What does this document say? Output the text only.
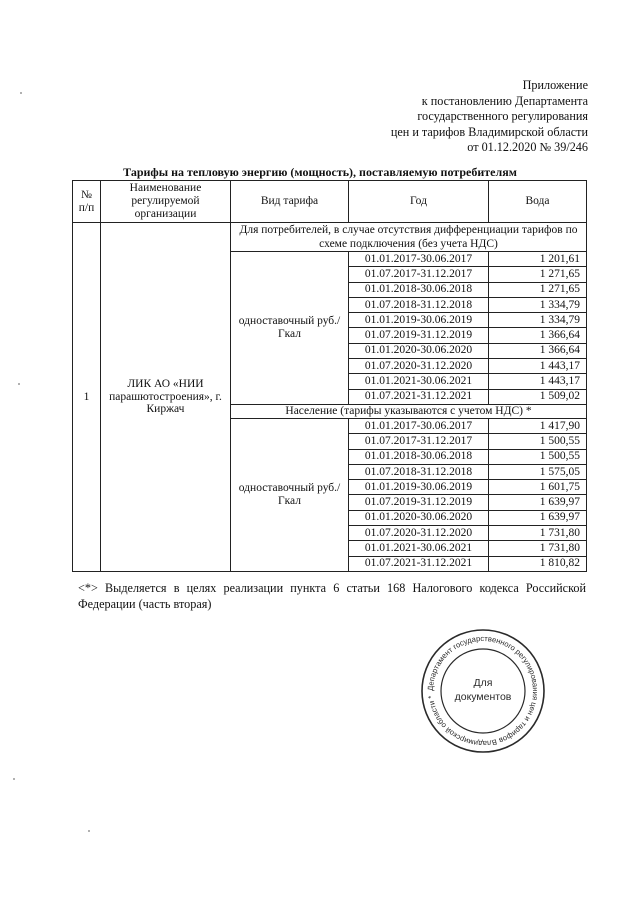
Приложение
к постановлению Департамента
государственного регулирования
цен и тарифов Владимирской области
от 01.12.2020 № 39/246
Тарифы на тепловую энергию (мощность), поставляемую потребителям
№ п/п	Наименование регулируемой организации	Вид тарифа	Год	Вода
1	ЛИК АО «НИИ парашютостроения», г. Киржач	Для потребителей, в случае отсутствия дифференциации тарифов по схеме подключения (без учета НДС)		
		одноставочный руб./Гкал	01.01.2017-30.06.2017	1 201,61
			01.07.2017-31.12.2017	1 271,65
			01.01.2018-30.06.2018	1 271,65
			01.07.2018-31.12.2018	1 334,79
			01.01.2019-30.06.2019	1 334,79
			01.07.2019-31.12.2019	1 366,64
			01.01.2020-30.06.2020	1 366,64
			01.07.2020-31.12.2020	1 443,17
			01.01.2021-30.06.2021	1 443,17
			01.07.2021-31.12.2021	1 509,02
		Население (тарифы указываются с учетом НДС) *		
		одноставочный руб./Гкал	01.01.2017-30.06.2017	1 417,90
			01.07.2017-31.12.2017	1 500,55
			01.01.2018-30.06.2018	1 500,55
			01.07.2018-31.12.2018	1 575,05
			01.01.2019-30.06.2019	1 601,75
			01.07.2019-31.12.2019	1 639,97
			01.01.2020-30.06.2020	1 639,97
			01.07.2020-31.12.2020	1 731,80
			01.01.2021-30.06.2021	1 731,80
			01.07.2021-31.12.2021	1 810,82
<*> Выделяется в целях реализации пункта 6 статьи 168 Налогового кодекса Российской Федерации (часть вторая)
Департамент государственного регулирования цен и тарифов Владимирской области *
Для
документов
